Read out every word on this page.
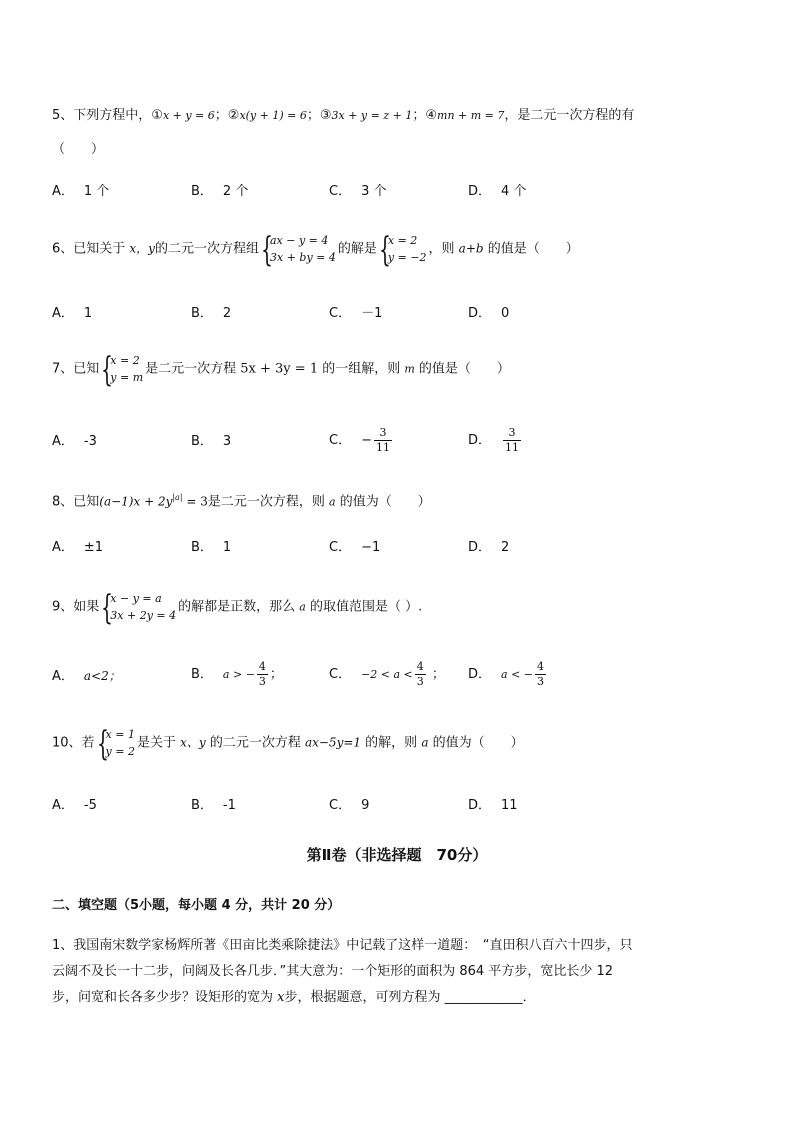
5、下列方程中，①x + y = 6；②x(y + 1) = 6；③3x + y = z + 1；④mn + m = 7，是二元一次方程的有
（　　）
A． 1 个	B． 2 个	C． 3 个	D． 4 个
6、已知关于 x，y的二元一次方程组 {
ax − y = 4
3x + by = 4
的解是 {
x = 2
y = −2
，则 a+b 的值是（　　）
A． 1	B． 2	C． －1	D． 0
7、已知 {
x = 2
y = m
是二元一次方程 5x + 3y = 1 的一组解，则 m 的值是（　　）
A． -3	B． 3	C． − $\frac{3}{11}$	D． $\frac{3}{11}$
8、已知$(a-1)x + 2y^{|a|} = 3$是二元一次方程，则 a 的值为（　　）
A． ±1	B． 1	C． −1	D． 2
9、如果 {
x − y = a
3x + 2y = 4
的解都是正数，那么 a 的取值范围是（ ）.
A． a<2；	B． a > − $\frac{4}{3}$ ；	C． $-2 < a < \frac{4}{3}$ ； D． a < − $\frac{4}{3}$
10、若 {
x = 1
y = 2
是关于 x、y 的二元一次方程 ax−5y=1 的解，则 a 的值为（　　）
A． -5	B． -1	C． 9	D． 11
第Ⅱ卷（非选择题　70分）
二、填空题（5小题，每小题 4 分，共计 20 分）
1、我国南宋数学家杨辉所著《田亩比类乘除捷法》中记载了这样一道题：　“直田积八百六十四步，只
云阔不及长一十二步，问阔及长各几步．”其大意为：一个矩形的面积为 864 平方步，宽比长少 12
步，问宽和长各多少步？设矩形的宽为 x步，根据题意，可列方程为 ____________．
